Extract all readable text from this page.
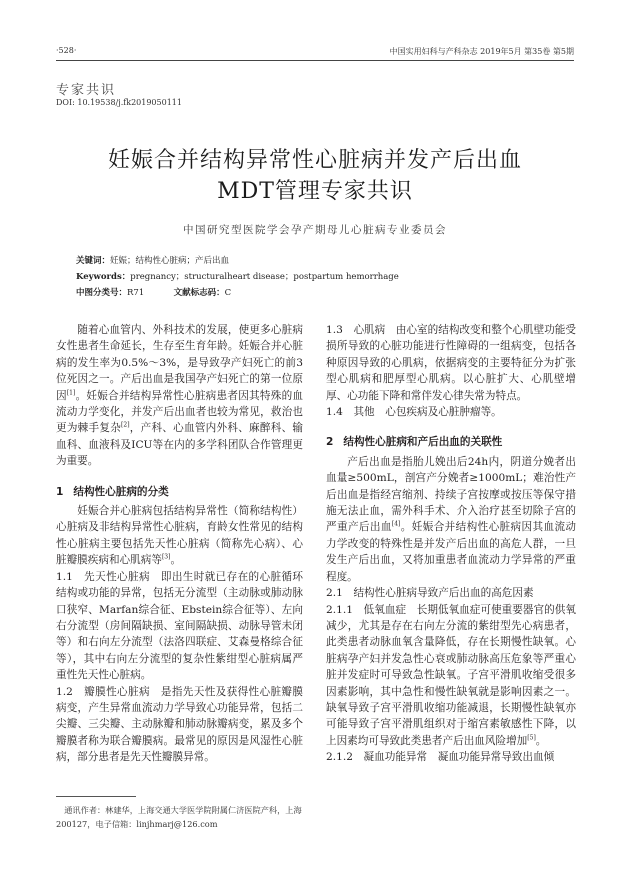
·528·	中国实用妇科与产科杂志 2019年5月 第35卷 第5期
专家共识
DOI: 10.19538/j.fk2019050111
妊娠合并结构异常性心脏病并发产后出血
MDT管理专家共识
中国研究型医院学会孕产期母儿心脏病专业委员会
关键词：妊娠；结构性心脏病；产后出血
Keywords：pregnancy；structuralheart disease；postpartum hemorrhage
中图分类号：R71	文献标志码：C

随着心血管内、外科技术的发展，使更多心脏病女性患者生命延长，生存至生育年龄。妊娠合并心脏病的发生率为0.5%～3%，是导致孕产妇死亡的前3位死因之一。产后出血是我国孕产妇死亡的第一位原因[1]。妊娠合并结构异常性心脏病患者因其特殊的血流动力学变化，并发产后出血者也较为常见，救治也更为棘手复杂[2]，产科、心血管内外科、麻醉科、输血科、血液科及ICU等在内的多学科团队合作管理更为重要。

1 结构性心脏病的分类

妊娠合并心脏病包括结构异常性（简称结构性）心脏病及非结构异常性心脏病，育龄女性常见的结构性心脏病主要包括先天性心脏病（简称先心病）、心脏瓣膜疾病和心肌病等[3]。

1.1　先天性心脏病　即出生时就已存在的心脏循环结构或功能的异常，包括无分流型（主动脉或肺动脉口狭窄、Marfan综合征、Ebstein综合征等）、左向右分流型（房间隔缺损、室间隔缺损、动脉导管未闭等）和右向左分流型（法洛四联症、艾森曼格综合征等），其中右向左分流型的复杂性紫绀型心脏病属严重性先天性心脏病。

1.2　瓣膜性心脏病　是指先天性及获得性心脏瓣膜病变，产生异常血流动力学导致心功能异常，包括二尖瓣、三尖瓣、主动脉瓣和肺动脉瓣病变，累及多个瓣膜者称为联合瓣膜病。最常见的原因是风湿性心脏病，部分患者是先天性瓣膜异常。

1.3　心肌病　由心室的结构改变和整个心肌壁功能受损所导致的心脏功能进行性障碍的一组病变，包括各种原因导致的心肌病，依据病变的主要特征分为扩张型心肌病和肥厚型心肌病。以心脏扩大、心肌壁增厚、心功能下降和常伴发心律失常为特点。

1.4　其他　心包疾病及心脏肿瘤等。

2 结构性心脏病和产后出血的关联性

产后出血是指胎儿娩出后24h内，阴道分娩者出血量≥500mL，剖宫产分娩者≥1000mL；难治性产后出血是指经宫缩剂、持续子宫按摩或按压等保守措施无法止血，需外科手术、介入治疗甚至切除子宫的严重产后出血[4]。妊娠合并结构性心脏病因其血流动力学改变的特殊性是并发产后出血的高危人群，一旦发生产后出血，又将加重患者血流动力学异常的严重程度。

2.1　结构性心脏病导致产后出血的高危因素

2.1.1　低氧血症　长期低氧血症可使重要器官的供氧减少，尤其是存在右向左分流的紫绀型先心病患者，此类患者动脉血氧含量降低，存在长期慢性缺氧。心脏病孕产妇并发急性心衰或肺动脉高压危象等严重心脏并发症时可导致急性缺氧。子宫平滑肌收缩受很多因素影响，其中急性和慢性缺氧就是影响因素之一。缺氧导致子宫平滑肌收缩功能减退，长期慢性缺氧亦可能导致子宫平滑肌组织对于缩宫素敏感性下降，以上因素均可导致此类患者产后出血风险增加[5]。

2.1.2　凝血功能异常　凝血功能异常导致出血倾

通讯作者：林建华，上海交通大学医学院附属仁济医院产科，上海 200127，电子信箱：linjhmarj@126.com
